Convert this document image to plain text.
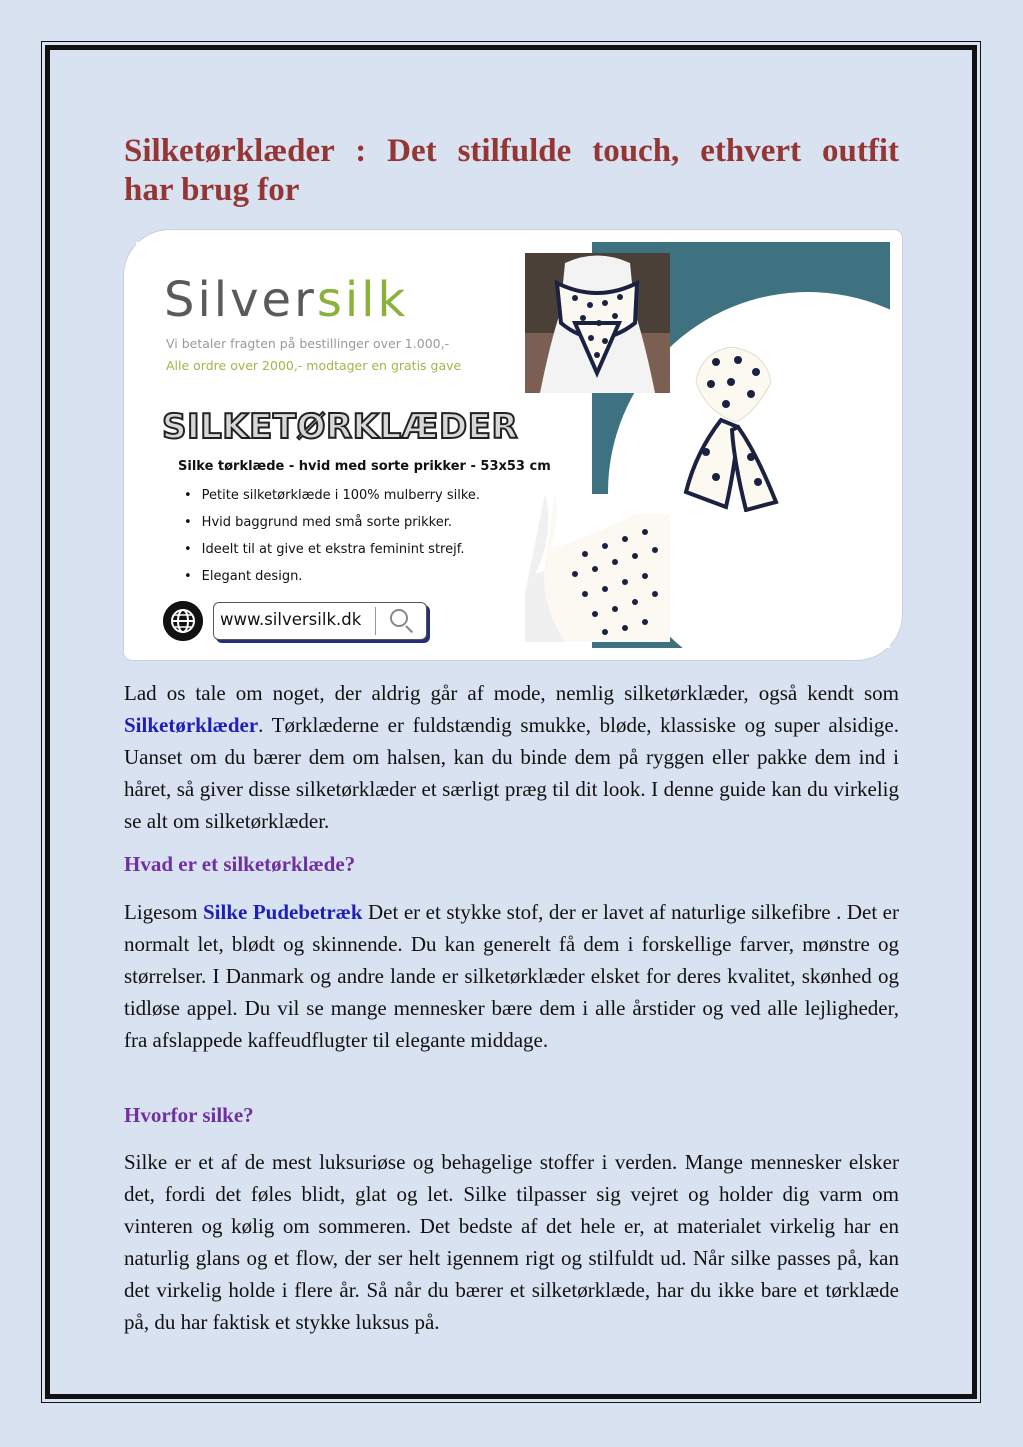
Silketørklæder : Det stilfulde touch, ethvert outfit
har brug for
Silversilk
Vi betaler fragten på bestillinger over 1.000,-
Alle ordre over 2000,- modtager en gratis gave
SILKETØRKLÆDER
Silke tørklæde - hvid med sorte prikker - 53x53 cm
• Petite silketørklæde i 100% mulberry silke.
• Hvid baggrund med små sorte prikker.
• Ideelt til at give et ekstra feminint strejf.
• Elegant design.
www.silversilk.dk

Lad os tale om noget, der aldrig går af mode, nemlig silketørklæder, også kendt som Silketørklæder. Tørklæderne er fuldstændig smukke, bløde, klassiske og super alsidige. Uanset om du bærer dem om halsen, kan du binde dem på ryggen eller pakke dem ind i håret, så giver disse silketørklæder et særligt præg til dit look. I denne guide kan du virkelig se alt om silketørklæder.

Hvad er et silketørklæde?

Ligesom Silke Pudebetræk Det er et stykke stof, der er lavet af naturlige silkefibre . Det er normalt let, blødt og skinnende. Du kan generelt få dem i forskellige farver, mønstre og størrelser. I Danmark og andre lande er silketørklæder elsket for deres kvalitet, skønhed og tidløse appel. Du vil se mange mennesker bære dem i alle årstider og ved alle lejligheder, fra afslappede kaffeudflugter til elegante middage.

Hvorfor silke?

Silke er et af de mest luksuriøse og behagelige stoffer i verden. Mange mennesker elsker det, fordi det føles blidt, glat og let. Silke tilpasser sig vejret og holder dig varm om vinteren og kølig om sommeren. Det bedste af det hele er, at materialet virkelig har en naturlig glans og et flow, der ser helt igennem rigt og stilfuldt ud. Når silke passes på, kan det virkelig holde i flere år. Så når du bærer et silketørklæde, har du ikke bare et tørklæde på, du har faktisk et stykke luksus på.
